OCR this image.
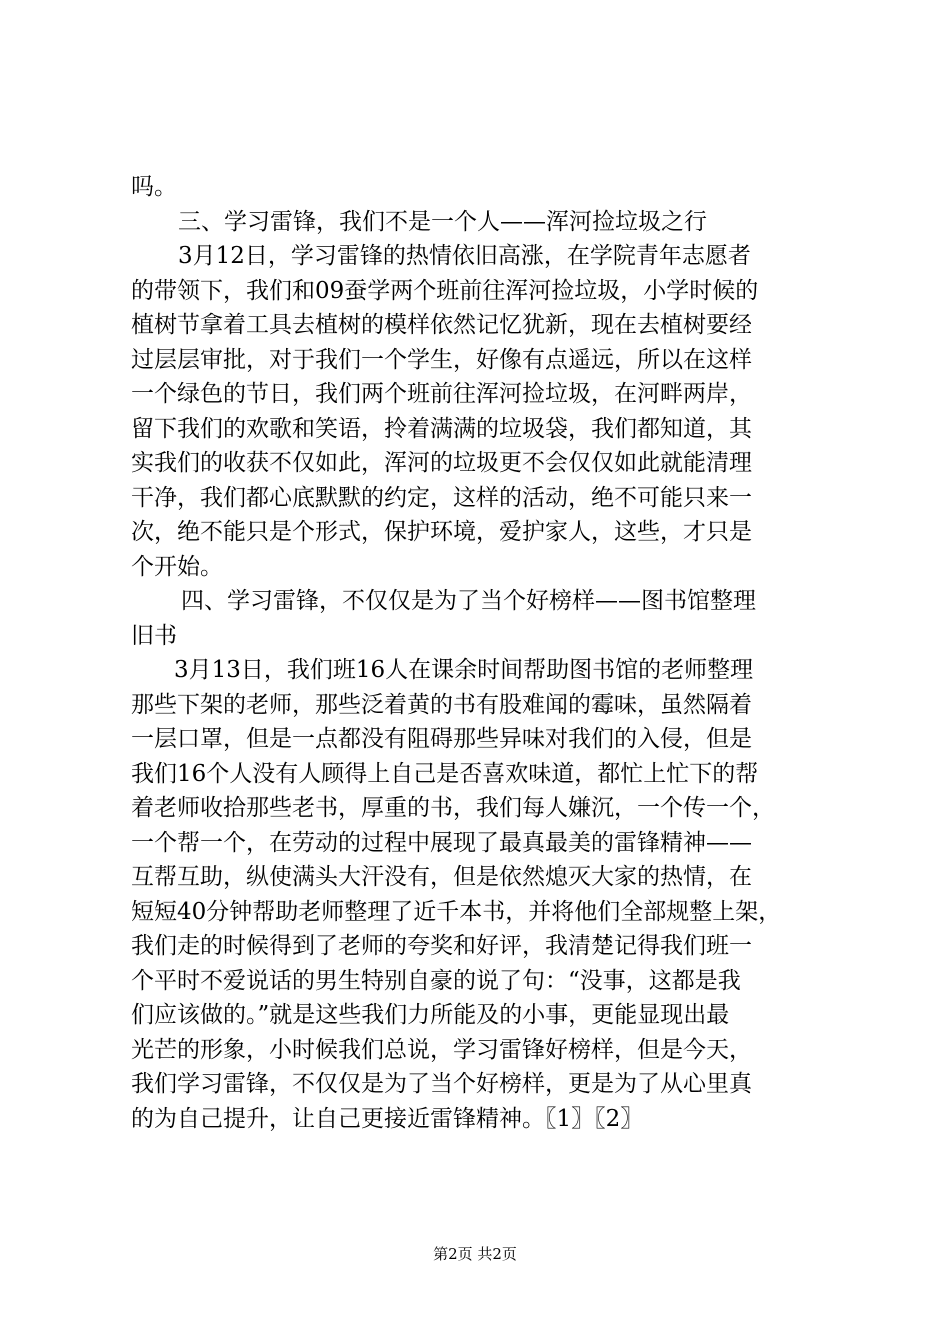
吗。
三、学习雷锋，我们不是一个人——浑河捡垃圾之行
3月12日，学习雷锋的热情依旧高涨，在学院青年志愿者
的带领下，我们和09蚕学两个班前往浑河捡垃圾，小学时候的
植树节拿着工具去植树的模样依然记忆犹新，现在去植树要经
过层层审批，对于我们一个学生，好像有点遥远，所以在这样
一个绿色的节日，我们两个班前往浑河捡垃圾，在河畔两岸，
留下我们的欢歌和笑语，拎着满满的垃圾袋，我们都知道，其
实我们的收获不仅如此，浑河的垃圾更不会仅仅如此就能清理
干净，我们都心底默默的约定，这样的活动，绝不可能只来一
次，绝不能只是个形式，保护环境，爱护家人，这些，才只是
个开始。
四、学习雷锋，不仅仅是为了当个好榜样——图书馆整理
旧书
3月13日，我们班16人在课余时间帮助图书馆的老师整理
那些下架的老师，那些泛着黄的书有股难闻的霉味，虽然隔着
一层口罩，但是一点都没有阻碍那些异味对我们的入侵，但是
我们16个人没有人顾得上自己是否喜欢味道，都忙上忙下的帮
着老师收拾那些老书，厚重的书，我们每人嫌沉，一个传一个，
一个帮一个，在劳动的过程中展现了最真最美的雷锋精神——
互帮互助，纵使满头大汗没有，但是依然熄灭大家的热情，在
短短40分钟帮助老师整理了近千本书，并将他们全部规整上架，
我们走的时候得到了老师的夸奖和好评，我清楚记得我们班一
个平时不爱说话的男生特别自豪的说了句：“没事，这都是我
们应该做的。”就是这些我们力所能及的小事，更能显现出最
光芒的形象，小时候我们总说，学习雷锋好榜样，但是今天，
我们学习雷锋，不仅仅是为了当个好榜样，更是为了从心里真
的为自己提升，让自己更接近雷锋精神。〖1〗〖2〗
第2页 共2页
